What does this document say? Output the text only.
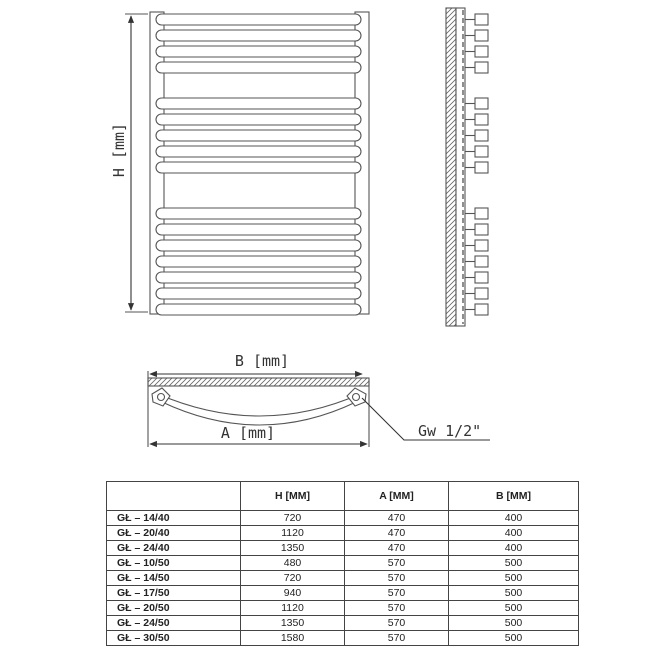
H [mm]
B [mm]
A [mm]	Gw 1/2"
	H [MM]	A [MM]	B [MM]
GŁ – 14/40	720	470	400
GŁ – 20/40	1120	470	400
GŁ – 24/40	1350	470	400
GŁ – 10/50	480	570	500
GŁ – 14/50	720	570	500
GŁ – 17/50	940	570	500
GŁ – 20/50	1120	570	500
GŁ – 24/50	1350	570	500
GŁ – 30/50	1580	570	500
